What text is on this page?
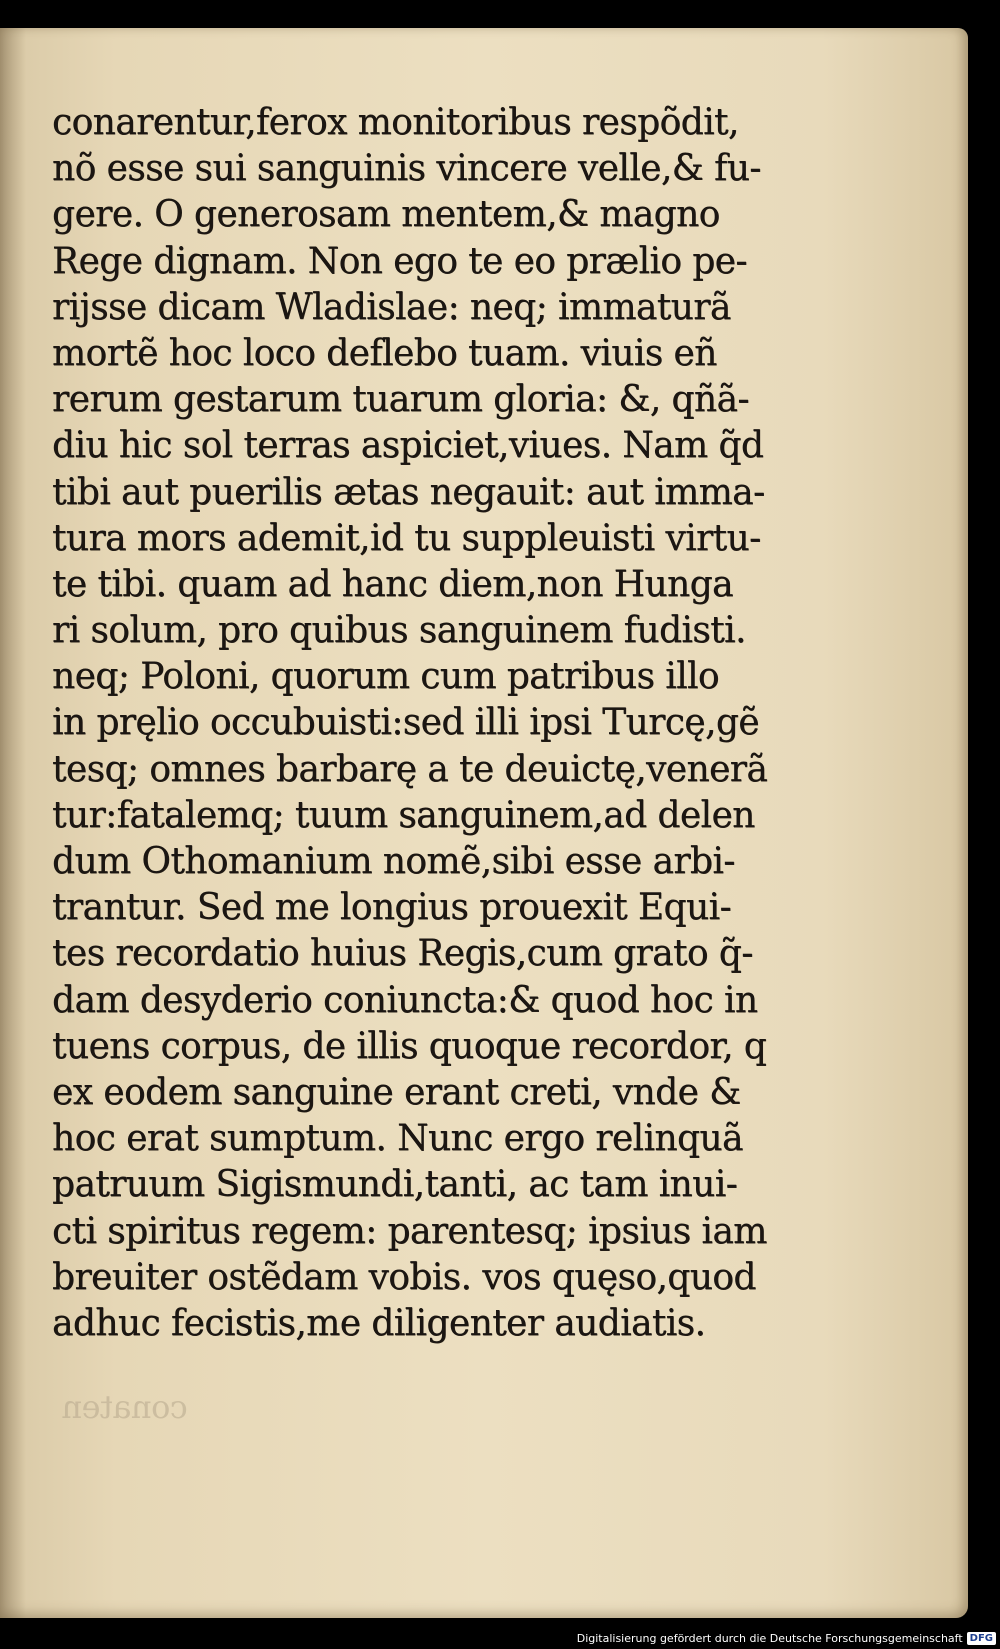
conarentur,ferox monitoribus respõdit,
nõ esse sui sanguinis vincere velle,& fu-
gere. O generosam mentem,& magno
Rege dignam. Non ego te eo prælio pe-
riјsse dicam Wladislae: neq; immaturã
mortẽ hoc loco deflebo tuam. viuis eñ
rerum gestarum tuarum gloria: &, qñã-
diu hic sol terras aspiciet,viues. Nam q̃d
tibi aut puerilis ætas negauit: aut imma-
tura mors ademit,id tu suppleuisti virtu-
te tibi. quam ad hanc diem,non Hunga
ri solum, pro quibus sanguinem fudisti.
neq; Poloni, quorum cum patribus illo
in pręlio occubuisti:sed illi ipsi Turcę,gẽ
tesq; omnes barbarę a te deuictę,venerã
tur:fatalemq; tuum sanguinem,ad delen
dum Othomanium nomẽ,sibi esse arbi-
trantur. Sed me longius prouexit Equi-
tes recordatio huius Regis,cum grato q̃-
dam desyderio coniuncta:& quod hoc in
tuens corpus, de illis quoque recordor, q
ex eodem sanguine erant creti, vnde &
hoc erat sumptum. Nunc ergo relinquã
patruum Sigismundi,tanti, ac tam inui-
cti spiritus regem: parentesq; ipsius iam
breuiter ostẽdam vobis. vos quęso,quod
adhuc fecistis,me diligenter audiatis.
conaten
Digitalisierung gefördert durch die Deutsche Forschungsgemeinschaft DFG
